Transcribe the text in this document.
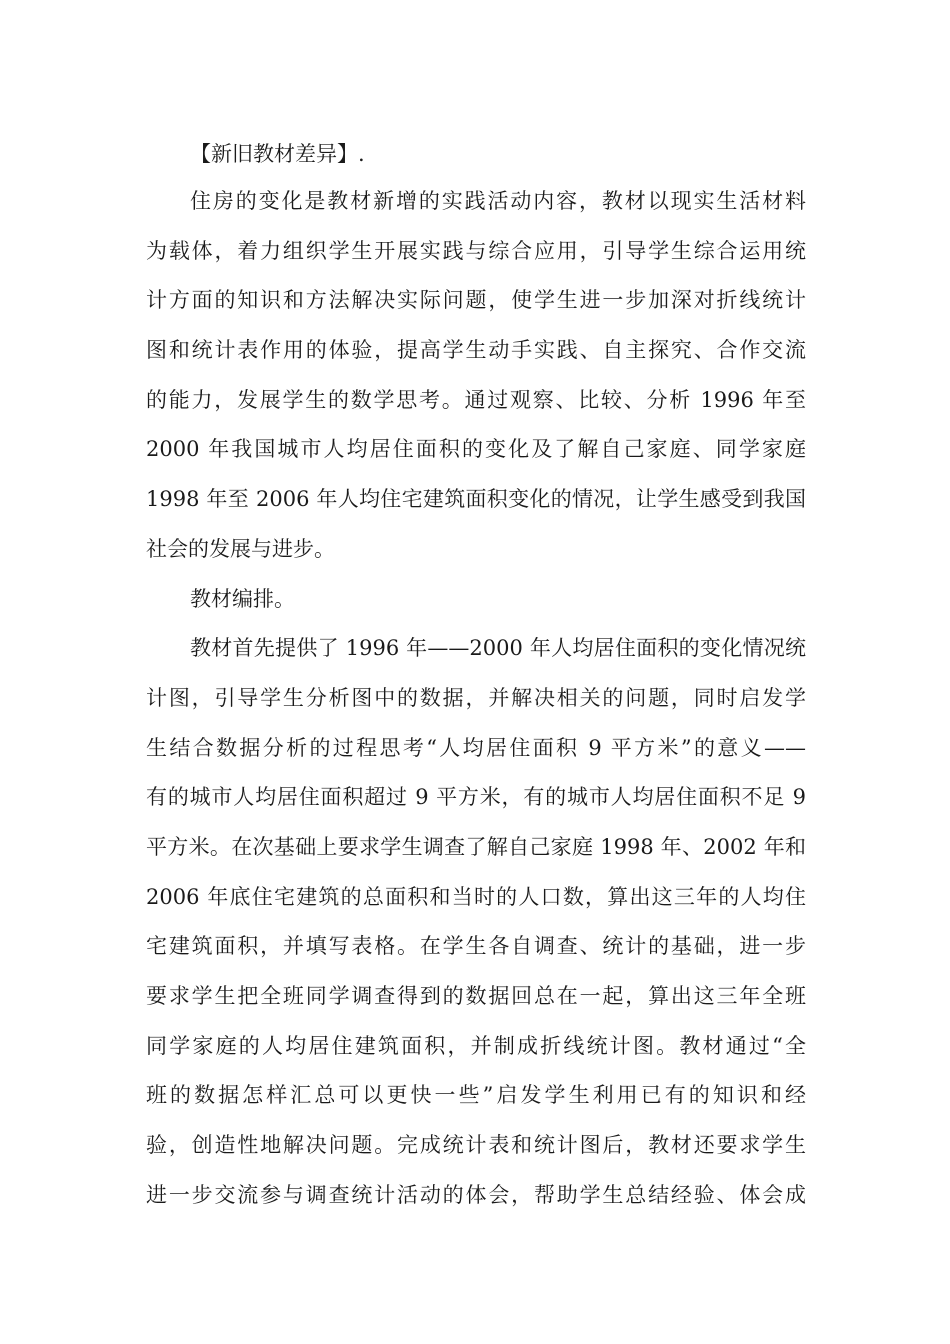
【新旧教材差异】.
住房的变化是教材新增的实践活动内容，教材以现实生活材料
为载体，着力组织学生开展实践与综合应用，引导学生综合运用统
计方面的知识和方法解决实际问题，使学生进一步加深对折线统计
图和统计表作用的体验，提高学生动手实践、自主探究、合作交流
的能力，发展学生的数学思考。通过观察、比较、分析 1996 年至
2000 年我国城市人均居住面积的变化及了解自己家庭、同学家庭
1998 年至 2006 年人均住宅建筑面积变化的情况，让学生感受到我国
社会的发展与进步。
教材编排。
教材首先提供了 1996 年——2000 年人均居住面积的变化情况统
计图，引导学生分析图中的数据，并解决相关的问题，同时启发学
生结合数据分析的过程思考“人均居住面积 9 平方米”的意义——
有的城市人均居住面积超过 9 平方米，有的城市人均居住面积不足 9
平方米。在次基础上要求学生调查了解自己家庭 1998 年、2002 年和
2006 年底住宅建筑的总面积和当时的人口数，算出这三年的人均住
宅建筑面积，并填写表格。在学生各自调查、统计的基础，进一步
要求学生把全班同学调查得到的数据回总在一起，算出这三年全班
同学家庭的人均居住建筑面积，并制成折线统计图。教材通过“全
班的数据怎样汇总可以更快一些”启发学生利用已有的知识和经
验，创造性地解决问题。完成统计表和统计图后，教材还要求学生
进一步交流参与调查统计活动的体会，帮助学生总结经验、体会成
